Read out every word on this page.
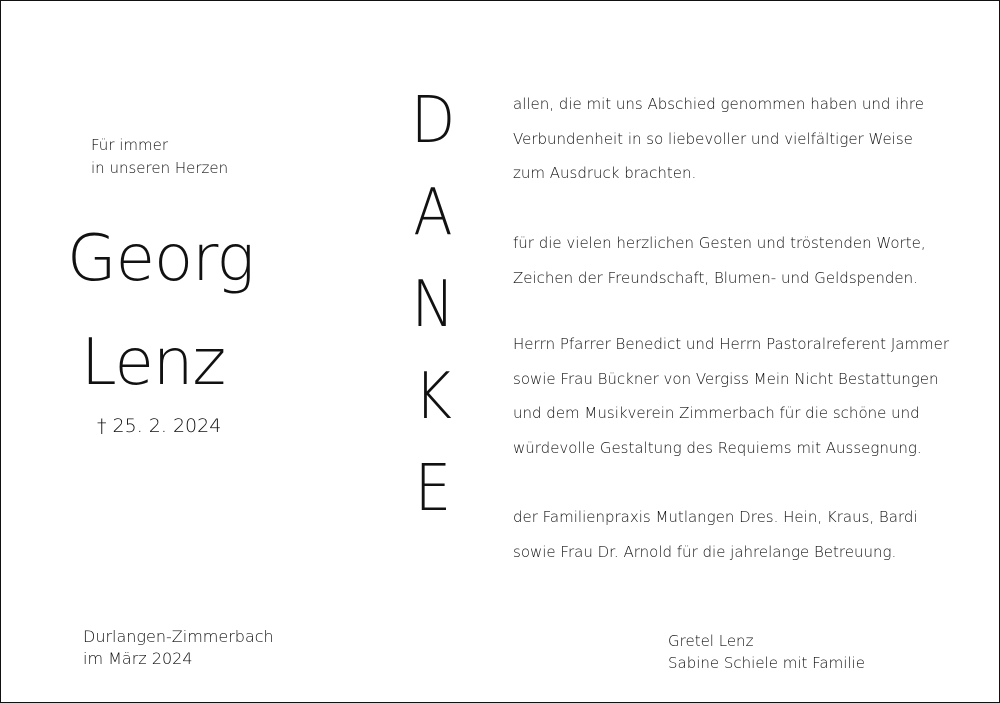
Für immer
in unseren Herzen
Georg
Lenz
† 25. 2. 2024
D
A
N
K
E
allen, die mit uns Abschied genommen haben und ihre
Verbundenheit in so liebevoller und vielfältiger Weise
zum Ausdruck brachten.
für die vielen herzlichen Gesten und tröstenden Worte,
Zeichen der Freundschaft, Blumen- und Geldspenden.
Herrn Pfarrer Benedict und Herrn Pastoralreferent Jammer
sowie Frau Bückner von Vergiss Mein Nicht Bestattungen
und dem Musikverein Zimmerbach für die schöne und
würdevolle Gestaltung des Requiems mit Aussegnung.
der Familienpraxis Mutlangen Dres. Hein, Kraus, Bardi
sowie Frau Dr. Arnold für die jahrelange Betreuung.
Durlangen-Zimmerbach
im März 2024
Gretel Lenz
Sabine Schiele mit Familie
